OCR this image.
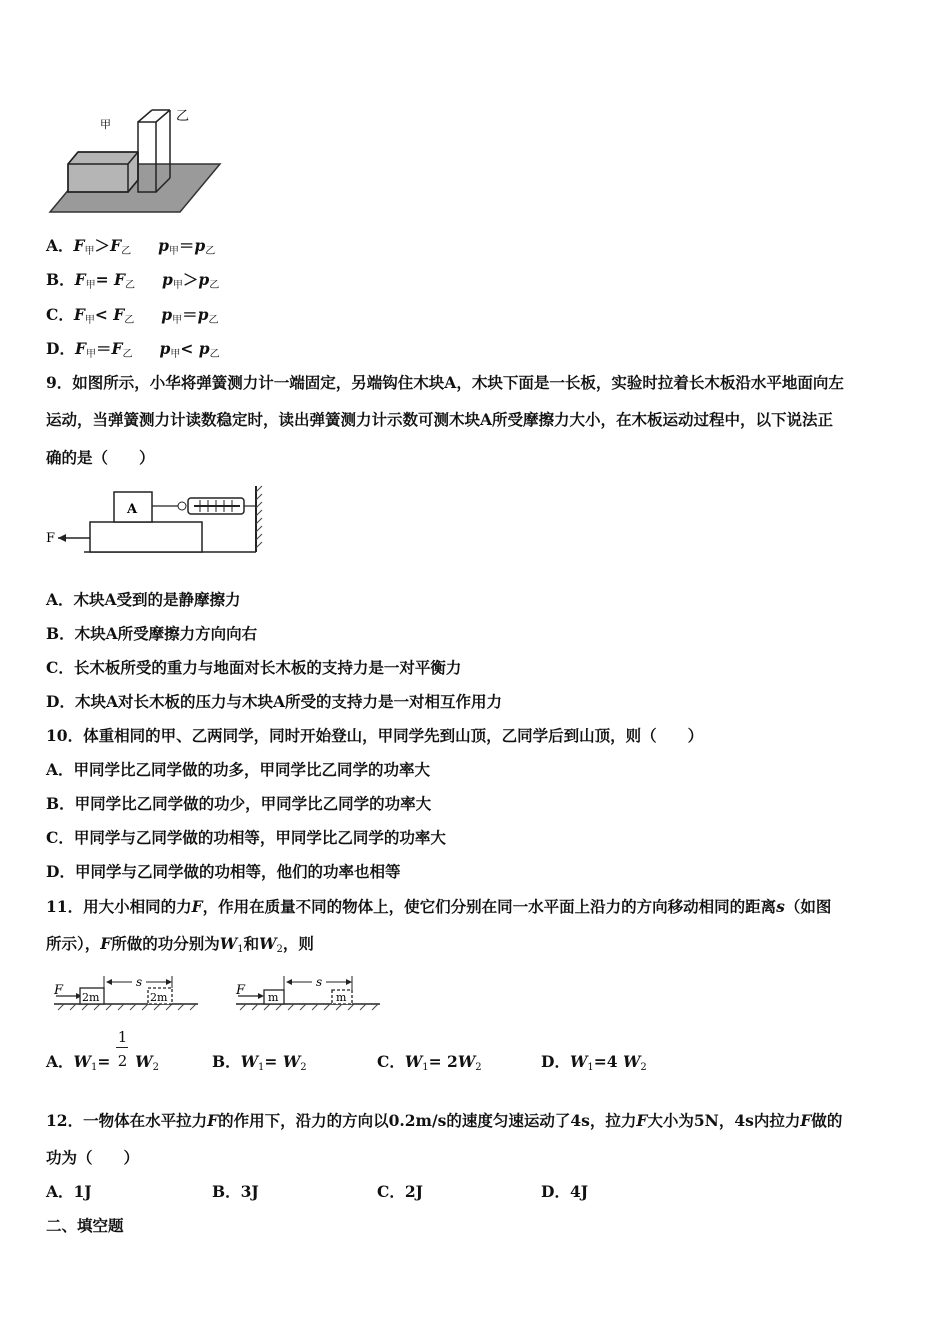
甲
乙
A．F甲＞F乙 p甲＝p乙
B．F甲= F乙 p甲＞p乙
C．F甲< F乙 p甲＝p乙
D．F甲＝F乙 p甲< p乙
9．如图所示，小华将弹簧测力计一端固定，另端钩住木块A，木块下面是一长板，实验时拉着长木板沿水平地面向左
运动，当弹簧测力计读数稳定时，读出弹簧测力计示数可测木块A所受摩擦力大小，在木板运动过程中，以下说法正
确的是（　　）
A
F
A．木块A受到的是静摩擦力
B．木块A所受摩擦力方向向右
C．长木板所受的重力与地面对长木板的支持力是一对平衡力
D．木块A对长木板的压力与木块A所受的支持力是一对相互作用力
10．体重相同的甲、乙两同学，同时开始登山，甲同学先到山顶，乙同学后到山顶，则（　　）
A．甲同学比乙同学做的功多，甲同学比乙同学的功率大
B．甲同学比乙同学做的功少，甲同学比乙同学的功率大
C．甲同学与乙同学做的功相等，甲同学比乙同学的功率大
D．甲同学与乙同学做的功相等，他们的功率也相等
11．用大小相同的力F，作用在质量不同的物体上，使它们分别在同一水平面上沿力的方向移动相同的距离s（如图
所示），F所做的功分别为$W_1$和$W_2$，则
F 2m
s
2m	F m
s
m
A．$W_1= \frac{1}{2} W_2$	B．$W_1= W_2$	C．$W_1= 2W_2$	D．$W_1=4$ $W_2$
12．一物体在水平拉力F的作用下，沿力的方向以0.2m/s的速度匀速运动了4s，拉力F大小为5N，4s内拉力F做的
功为（　　）
A．1J	B．3J	C．2J	D．4J
二、填空题
